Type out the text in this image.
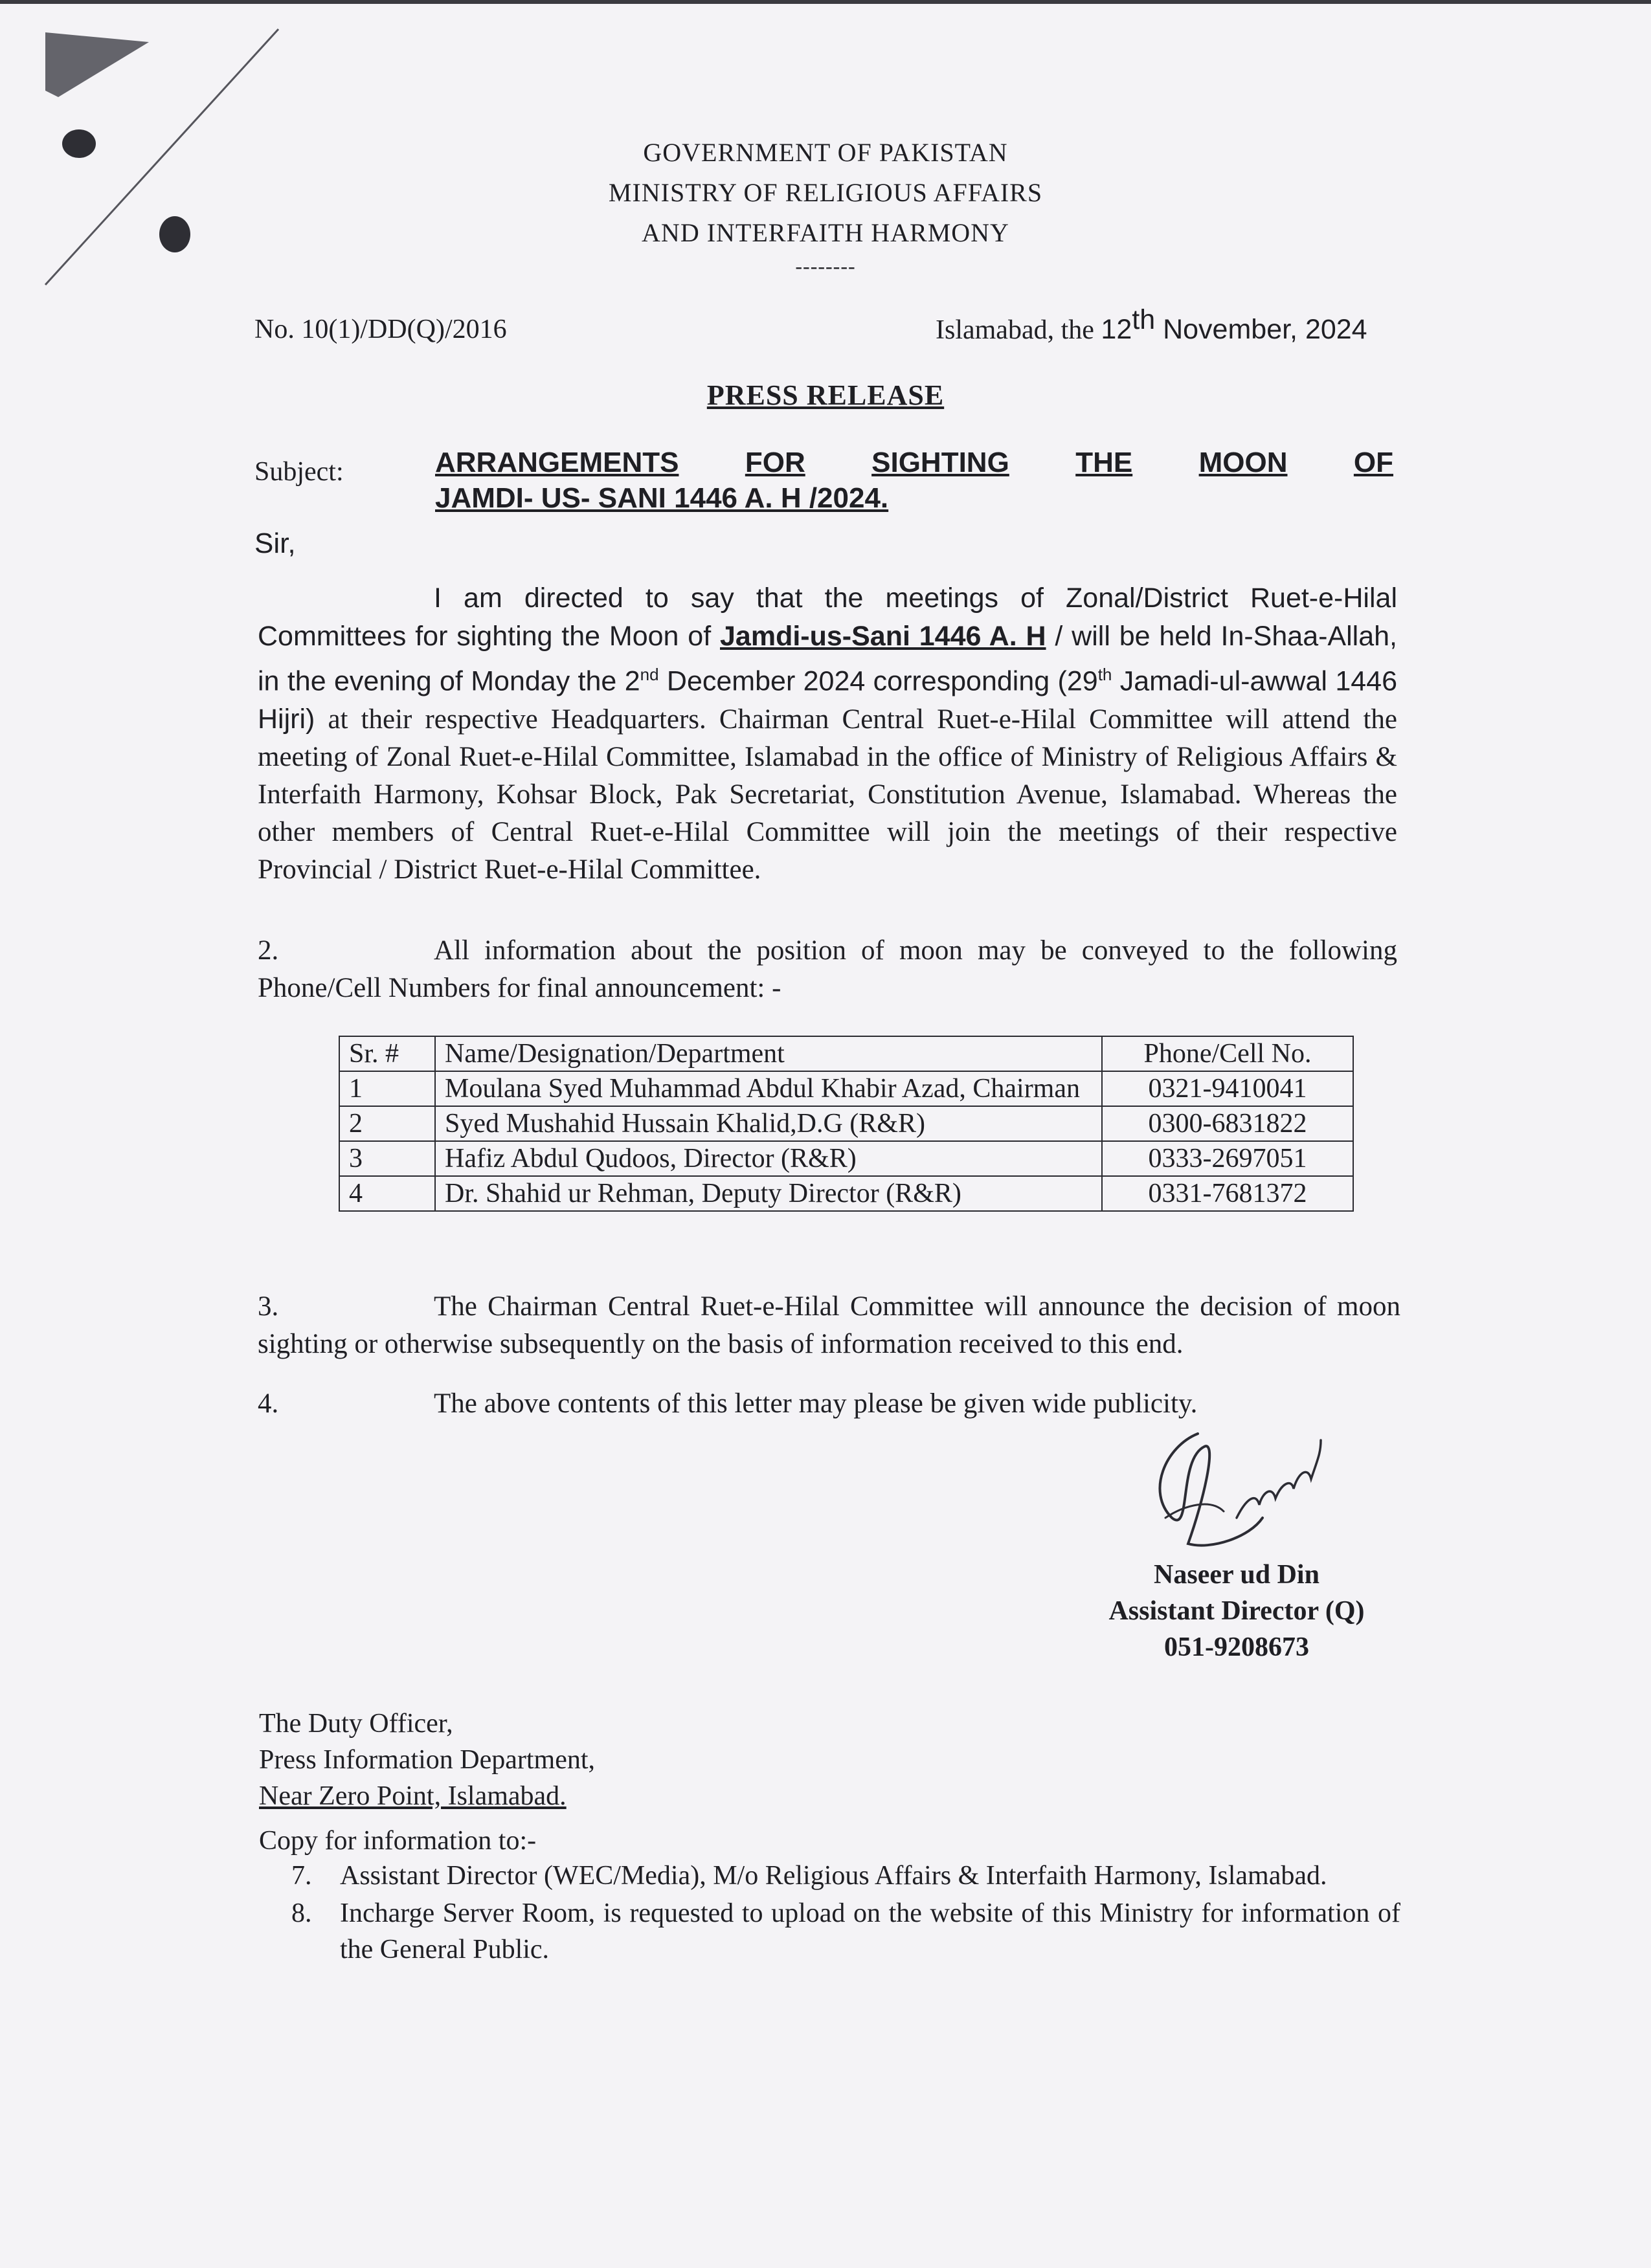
GOVERNMENT OF PAKISTAN
MINISTRY OF RELIGIOUS AFFAIRS
AND INTERFAITH HARMONY
--------
No. 10(1)/DD(Q)/2016	Islamabad, the 12th November, 2024
PRESS RELEASE
Subject:	ARRANGEMENTS FOR SIGHTING THE MOON OF
JAMDI- US- SANI 1446 A. H /2024.
Sir,
I am directed to say that the meetings of Zonal/District Ruet-e-Hilal Committees for sighting the Moon of Jamdi-us-Sani 1446 A. H / will be held In-Shaa-Allah, in the evening of Monday the 2nd December 2024 corresponding (29th Jamadi-ul-awwal 1446 Hijri) at their respective Headquarters. Chairman Central Ruet-e-Hilal Committee will attend the meeting of Zonal Ruet-e-Hilal Committee, Islamabad in the office of Ministry of Religious Affairs & Interfaith Harmony, Kohsar Block, Pak Secretariat, Constitution Avenue, Islamabad. Whereas the other members of Central Ruet-e-Hilal Committee will join the meetings of their respective Provincial / District Ruet-e-Hilal Committee.
2.	All information about the position of moon may be conveyed to the following Phone/Cell Numbers for final announcement: -
Sr. #	Name/Designation/Department	Phone/Cell No.
1	Moulana Syed Muhammad Abdul Khabir Azad, Chairman	0321-9410041
2	Syed Mushahid Hussain Khalid,D.G (R&R)	0300-6831822
3	Hafiz Abdul Qudoos, Director (R&R)	0333-2697051
4	Dr. Shahid ur Rehman, Deputy Director (R&R)	0331-7681372
3.	The Chairman Central Ruet-e-Hilal Committee will announce the decision of moon sighting or otherwise subsequently on the basis of information received to this end.
4.	The above contents of this letter may please be given wide publicity.
Naseer ud Din
Assistant Director (Q)
051-9208673
The Duty Officer,
Press Information Department,
Near Zero Point, Islamabad.
Copy for information to:-
7.	Assistant Director (WEC/Media), M/o Religious Affairs & Interfaith Harmony, Islamabad.
8.	Incharge Server Room, is requested to upload on the website of this Ministry for information of the General Public.
